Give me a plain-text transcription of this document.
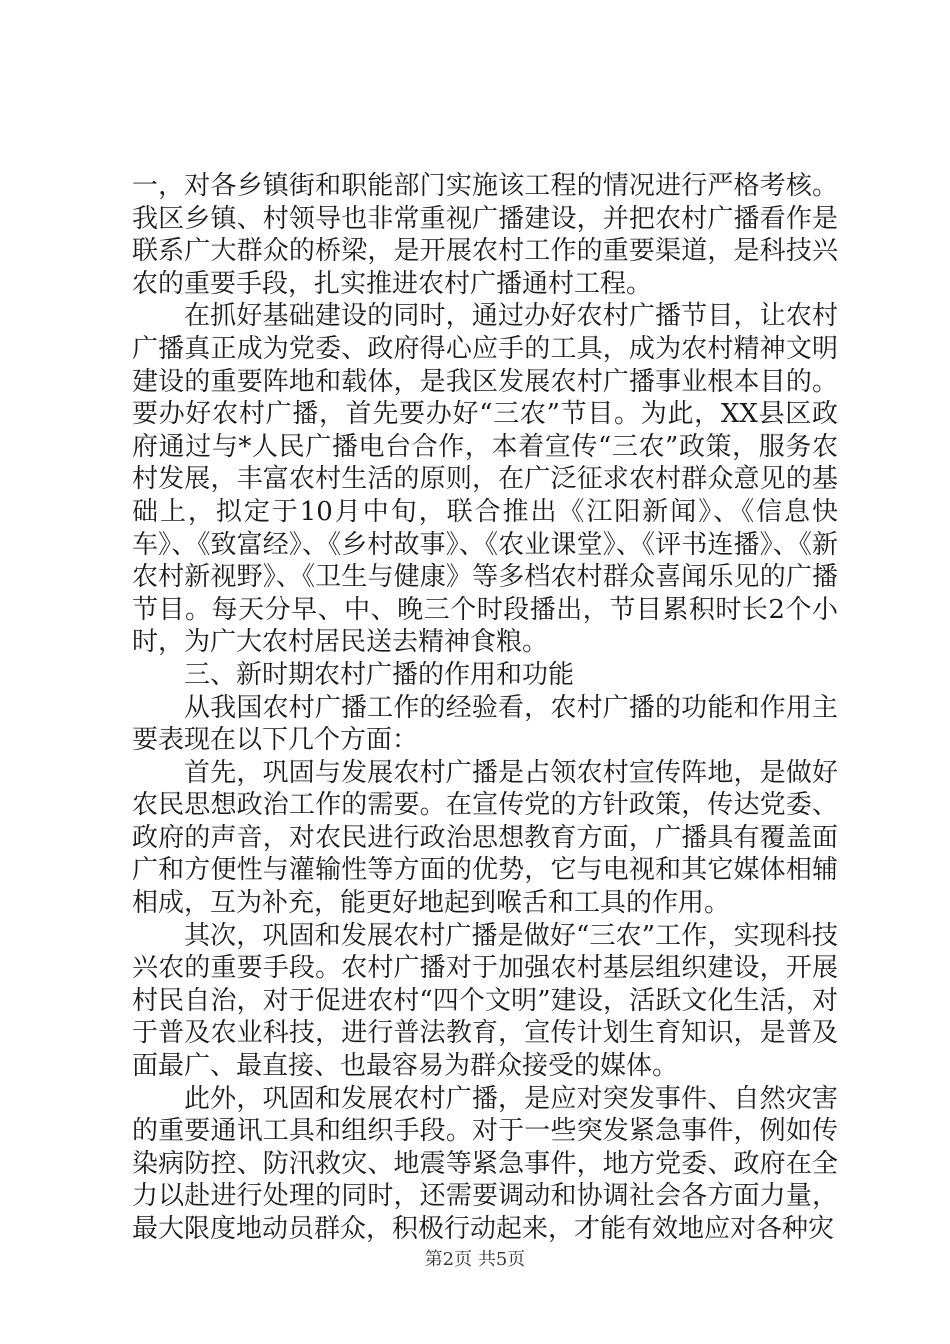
一，对各乡镇街和职能部门实施该工程的情况进行严格考核。我区乡镇、村领导也非常重视广播建设，并把农村广播看作是联系广大群众的桥梁，是开展农村工作的重要渠道，是科技兴农的重要手段，扎实推进农村广播通村工程。

在抓好基础建设的同时，通过办好农村广播节目，让农村广播真正成为党委、政府得心应手的工具，成为农村精神文明建设的重要阵地和载体，是我区发展农村广播事业根本目的。要办好农村广播，首先要办好“三农”节目。为此，XX县区政府通过与*人民广播电台合作，本着宣传“三农”政策，服务农村发展，丰富农村生活的原则，在广泛征求农村群众意见的基础上，拟定于10月中旬，联合推出《江阳新闻》、《信息快车》、《致富经》、《乡村故事》、《农业课堂》、《评书连播》、《新农村新视野》、《卫生与健康》等多档农村群众喜闻乐见的广播节目。每天分早、中、晚三个时段播出，节目累积时长2个小时，为广大农村居民送去精神食粮。

三、新时期农村广播的作用和功能

从我国农村广播工作的经验看，农村广播的功能和作用主要表现在以下几个方面：

首先，巩固与发展农村广播是占领农村宣传阵地，是做好农民思想政治工作的需要。在宣传党的方针政策，传达党委、政府的声音，对农民进行政治思想教育方面，广播具有覆盖面广和方便性与灌输性等方面的优势，它与电视和其它媒体相辅相成，互为补充，能更好地起到喉舌和工具的作用。

其次，巩固和发展农村广播是做好“三农”工作，实现科技兴农的重要手段。农村广播对于加强农村基层组织建设，开展村民自治，对于促进农村“四个文明”建设，活跃文化生活，对于普及农业科技，进行普法教育，宣传计划生育知识，是普及面最广、最直接、也最容易为群众接受的媒体。

此外，巩固和发展农村广播，是应对突发事件、自然灾害的重要通讯工具和组织手段。对于一些突发紧急事件，例如传染病防控、防汛救灾、地震等紧急事件，地方党委、政府在全力以赴进行处理的同时，还需要调动和协调社会各方面力量，最大限度地动员群众，积极行动起来，才能有效地应对各种灾

第2页 共5页
